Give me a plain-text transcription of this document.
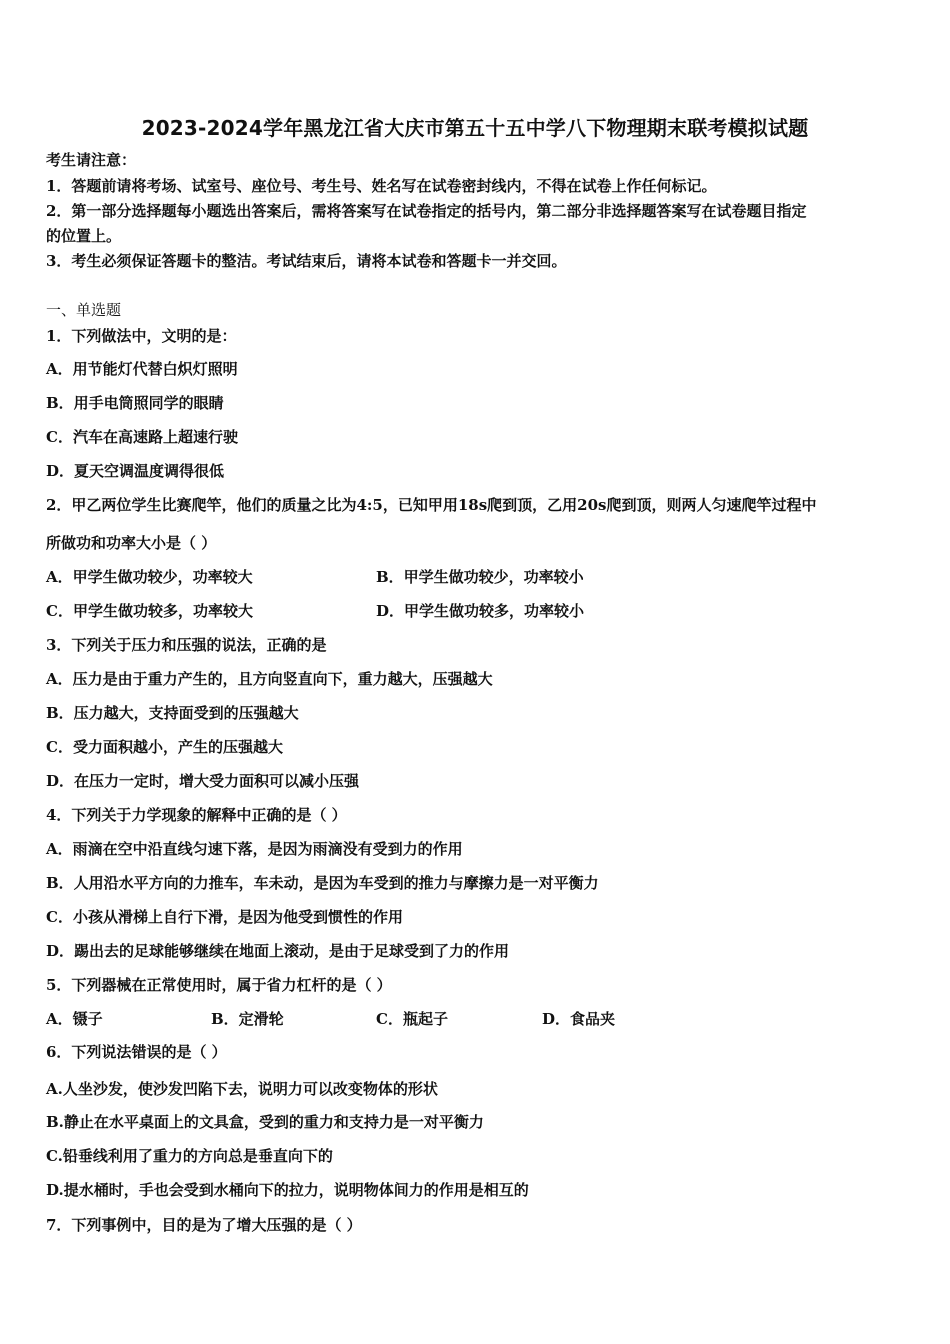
2023-2024学年黑龙江省大庆市第五十五中学八下物理期末联考模拟试题
考生请注意：
1．答题前请将考场、试室号、座位号、考生号、姓名写在试卷密封线内，不得在试卷上作任何标记。
2．第一部分选择题每小题选出答案后，需将答案写在试卷指定的括号内，第二部分非选择题答案写在试卷题目指定
的位置上。
3．考生必须保证答题卡的整洁。考试结束后，请将本试卷和答题卡一并交回。
一、单选题
1．下列做法中，文明的是：
A．用节能灯代替白炽灯照明
B．用手电筒照同学的眼睛
C．汽车在高速路上超速行驶
D．夏天空调温度调得很低
2．甲乙两位学生比赛爬竿，他们的质量之比为4:5，已知甲用18s爬到顶，乙用20s爬到顶，则两人匀速爬竿过程中
所做功和功率大小是（ ）
A．甲学生做功较少，功率较大	B．甲学生做功较少，功率较小
C．甲学生做功较多，功率较大	D．甲学生做功较多，功率较小
3．下列关于压力和压强的说法，正确的是
A．压力是由于重力产生的，且方向竖直向下，重力越大，压强越大
B．压力越大，支持面受到的压强越大
C．受力面积越小，产生的压强越大
D．在压力一定时，增大受力面积可以减小压强
4．下列关于力学现象的解释中正确的是（ ）
A．雨滴在空中沿直线匀速下落，是因为雨滴没有受到力的作用
B．人用沿水平方向的力推车，车未动，是因为车受到的推力与摩擦力是一对平衡力
C．小孩从滑梯上自行下滑，是因为他受到惯性的作用
D．踢出去的足球能够继续在地面上滚动，是由于足球受到了力的作用
5．下列器械在正常使用时，属于省力杠杆的是（ ）
A．镊子	B．定滑轮	C．瓶起子	D．食品夹
6．下列说法错误的是（ ）
A.人坐沙发，使沙发凹陷下去，说明力可以改变物体的形状
B.静止在水平桌面上的文具盒，受到的重力和支持力是一对平衡力
C.铅垂线利用了重力的方向总是垂直向下的
D.提水桶时，手也会受到水桶向下的拉力，说明物体间力的作用是相互的
7．下列事例中，目的是为了增大压强的是（ ）
